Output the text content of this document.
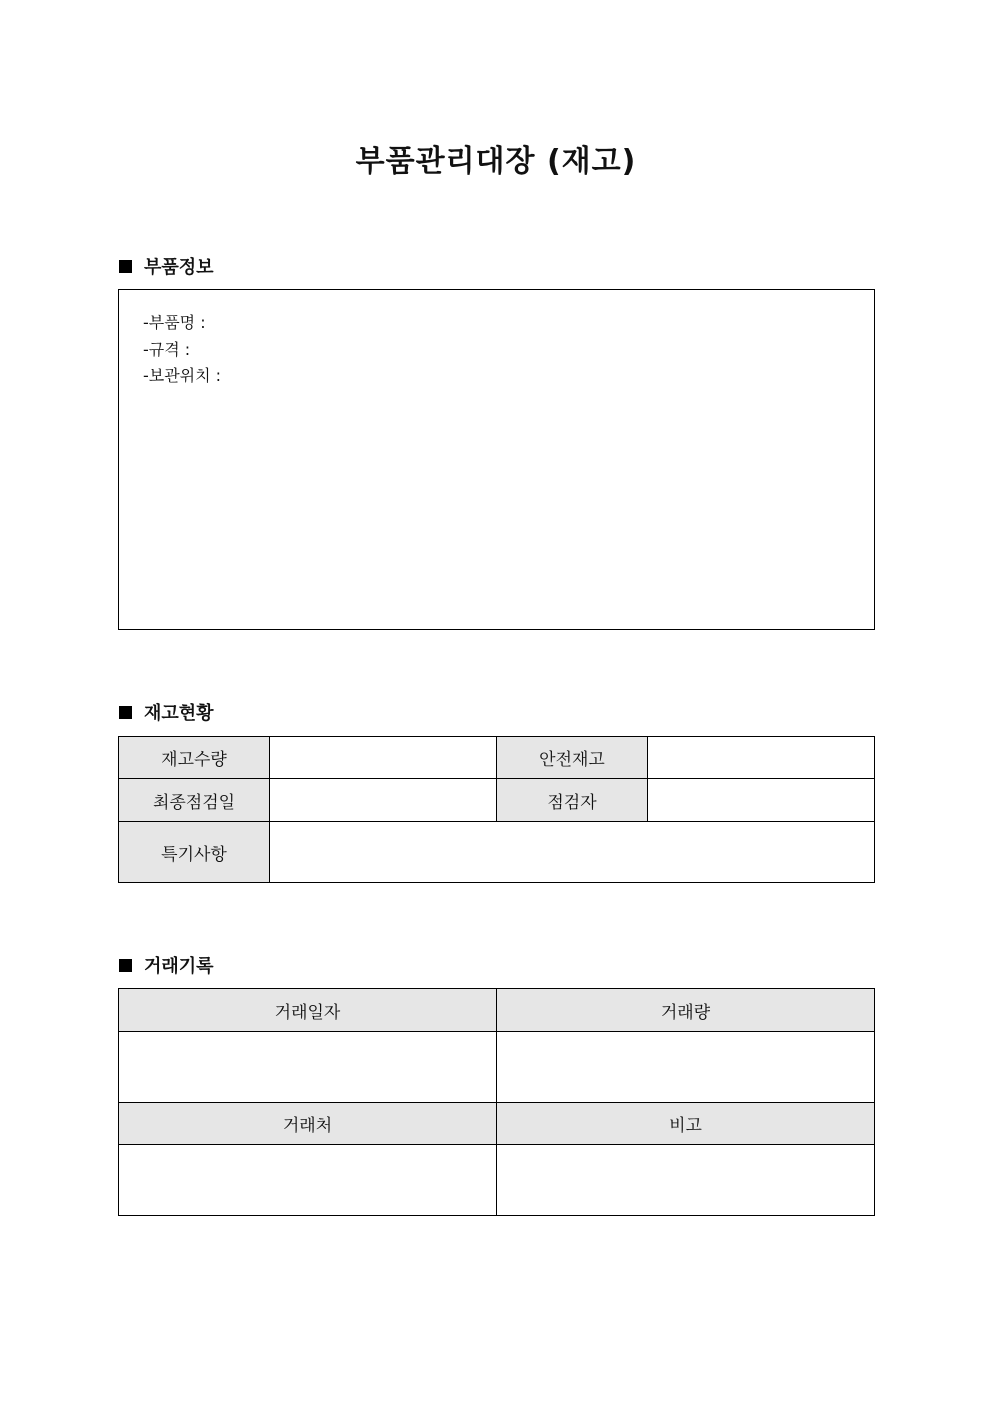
부품관리대장 (재고)
부품정보
-부품명 :
-규격 :
-보관위치 :
재고현황
재고수량		안전재고	
최종점검일		점검자	
특기사항			
거래기록
거래일자	거래량

거래처	비고
